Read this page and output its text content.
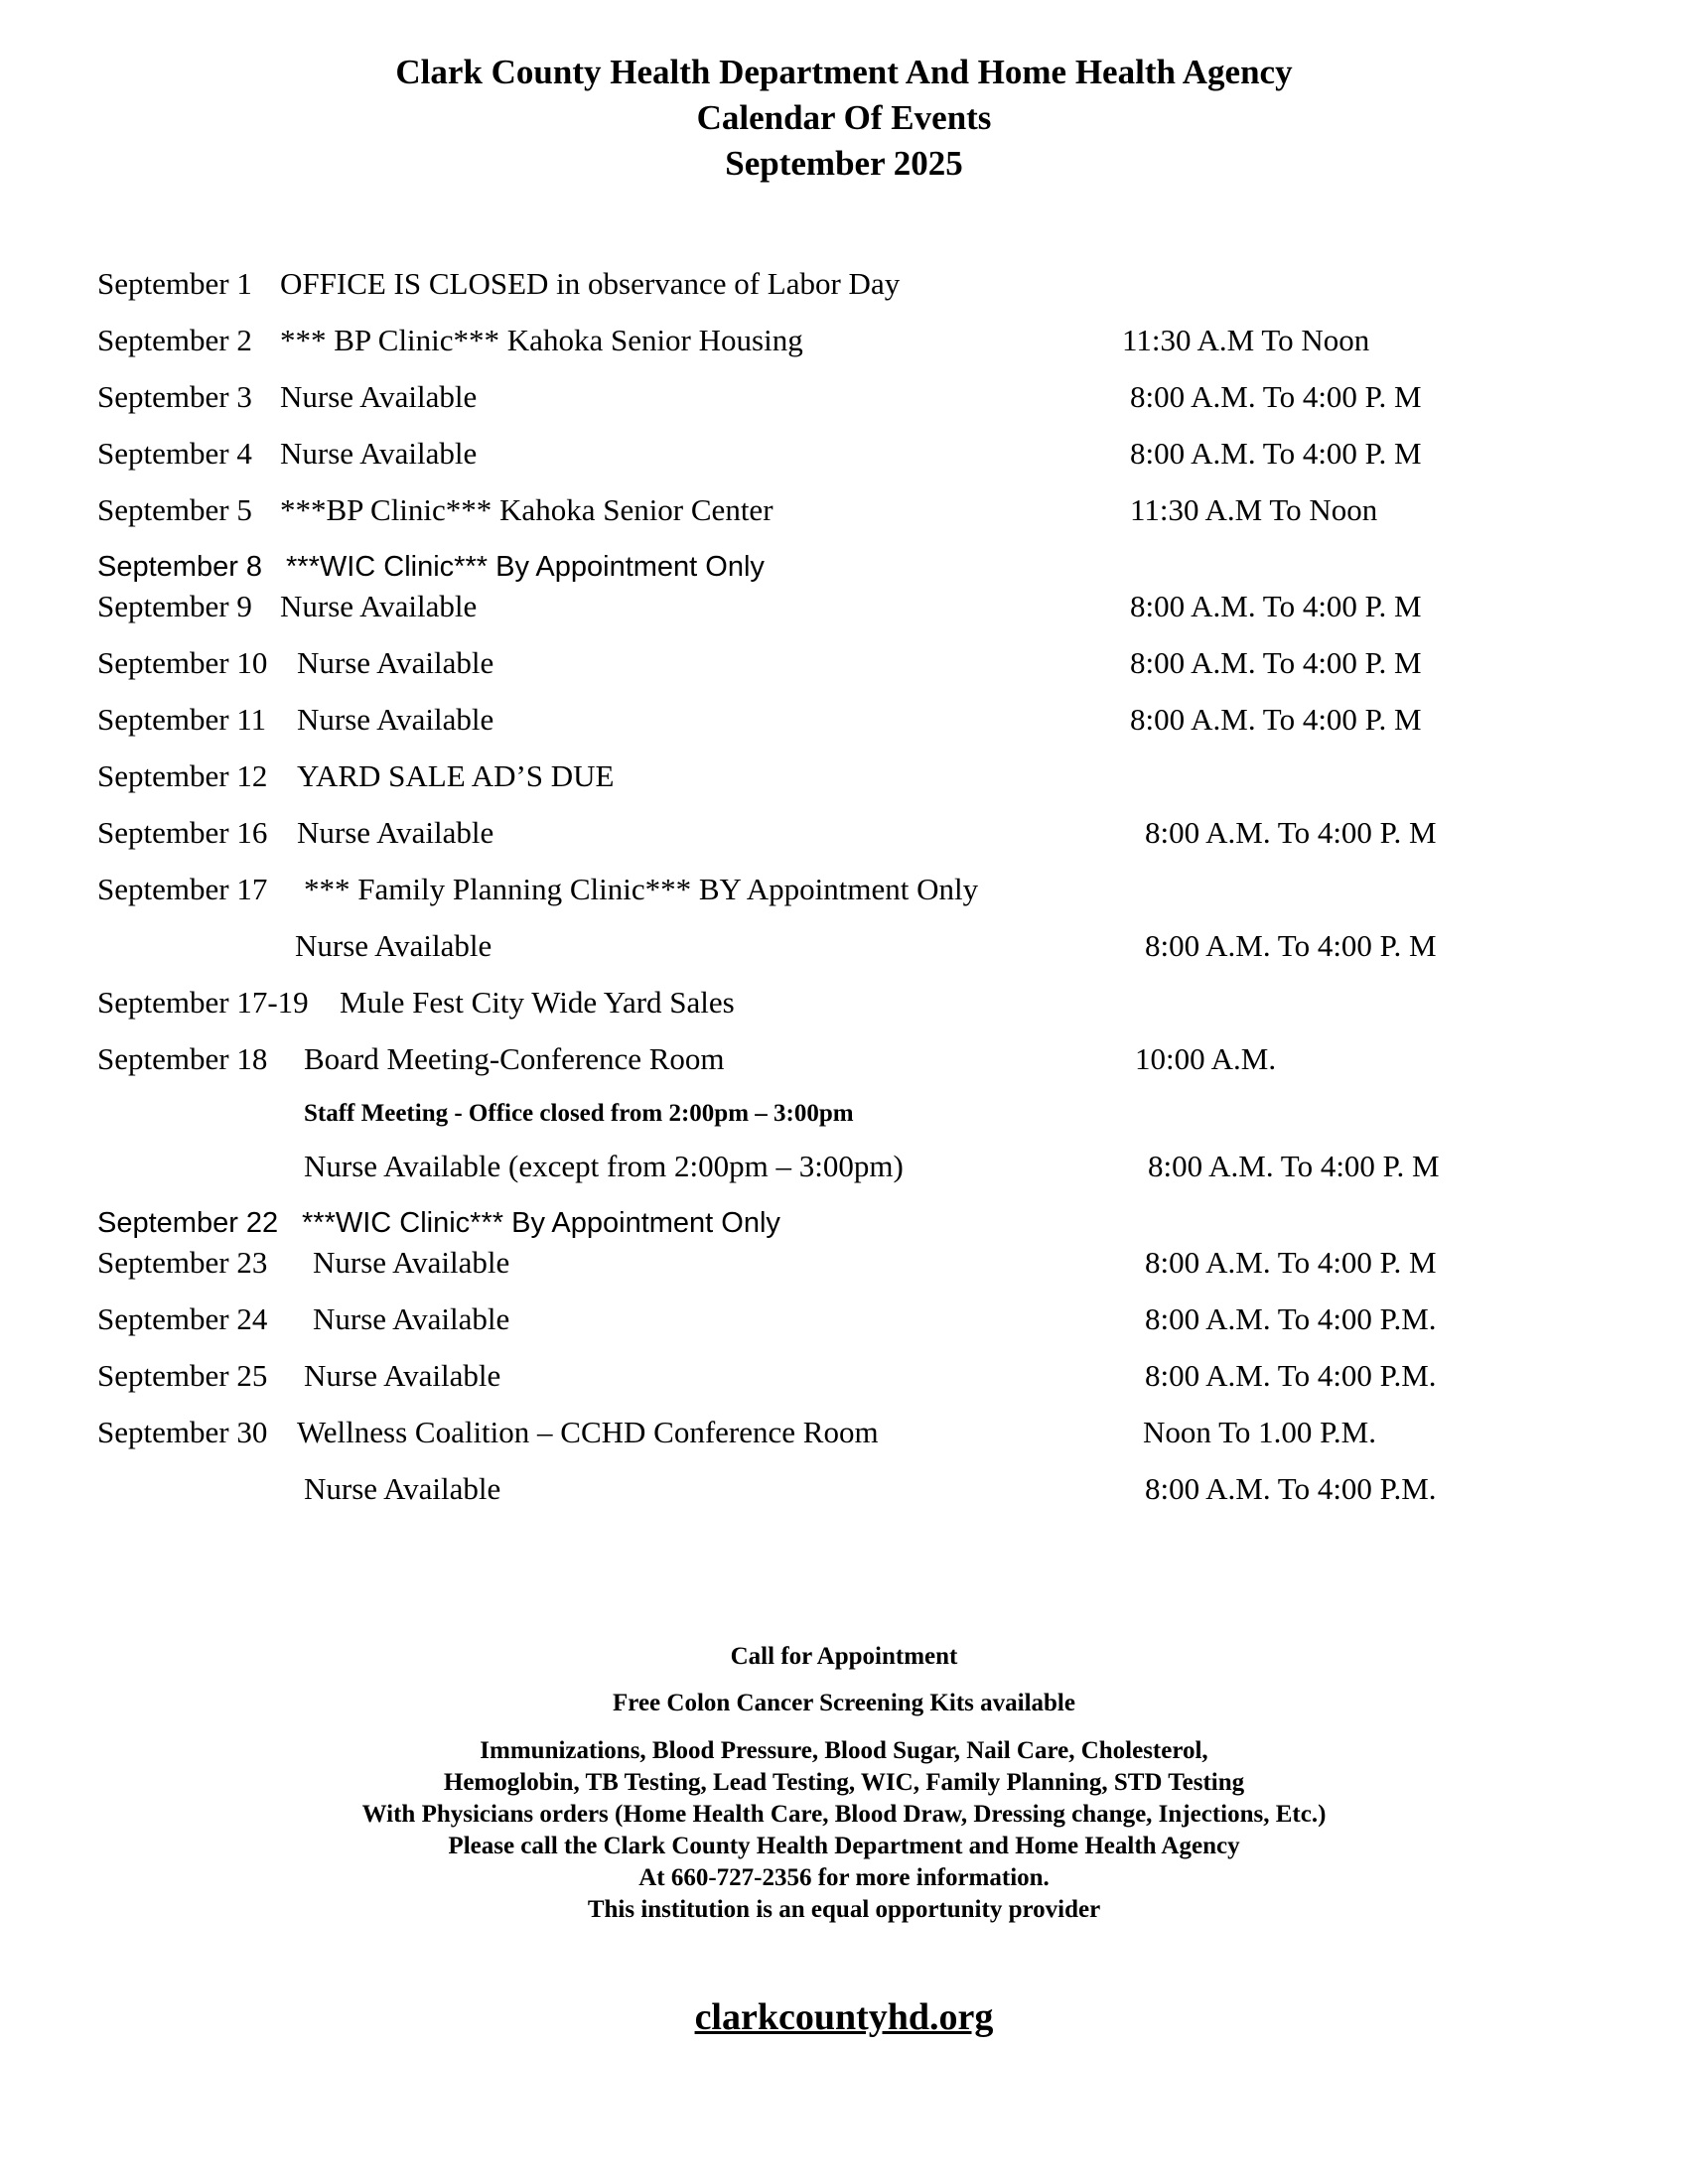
Clark County Health Department And Home Health Agency
Calendar Of Events
September 2025
September 1 OFFICE IS CLOSED in observance of Labor Day
September 2 *** BP Clinic*** Kahoka Senior Housing	11:30 A.M To Noon
September 3 Nurse Available	8:00 A.M. To 4:00 P. M
September 4 Nurse Available	8:00 A.M. To 4:00 P. M
September 5 ***BP Clinic*** Kahoka Senior Center	11:30 A.M To Noon
September 8 ***WIC Clinic*** By Appointment Only
September 9 Nurse Available	8:00 A.M. To 4:00 P. M
September 10 Nurse Available	8:00 A.M. To 4:00 P. M
September 11 Nurse Available	8:00 A.M. To 4:00 P. M
September 12 YARD SALE AD’S DUE
September 16 Nurse Available	8:00 A.M. To 4:00 P. M
September 17 *** Family Planning Clinic*** BY Appointment Only
Nurse Available	8:00 A.M. To 4:00 P. M
September 17-19 Mule Fest City Wide Yard Sales
September 18 Board Meeting-Conference Room	10:00 A.M.
Staff Meeting - Office closed from 2:00pm – 3:00pm
Nurse Available (except from 2:00pm – 3:00pm)	8:00 A.M. To 4:00 P. M
September 22 ***WIC Clinic*** By Appointment Only
September 23 Nurse Available	8:00 A.M. To 4:00 P. M
September 24 Nurse Available	8:00 A.M. To 4:00 P.M.
September 25 Nurse Available	8:00 A.M. To 4:00 P.M.
September 30 Wellness Coalition – CCHD Conference Room	Noon To 1.00 P.M.
Nurse Available	8:00 A.M. To 4:00 P.M.
Call for Appointment
Free Colon Cancer Screening Kits available
Immunizations, Blood Pressure, Blood Sugar, Nail Care, Cholesterol,
Hemoglobin, TB Testing, Lead Testing, WIC, Family Planning, STD Testing
With Physicians orders (Home Health Care, Blood Draw, Dressing change, Injections, Etc.)
Please call the Clark County Health Department and Home Health Agency
At 660-727-2356 for more information.
This institution is an equal opportunity provider
clarkcountyhd.org
